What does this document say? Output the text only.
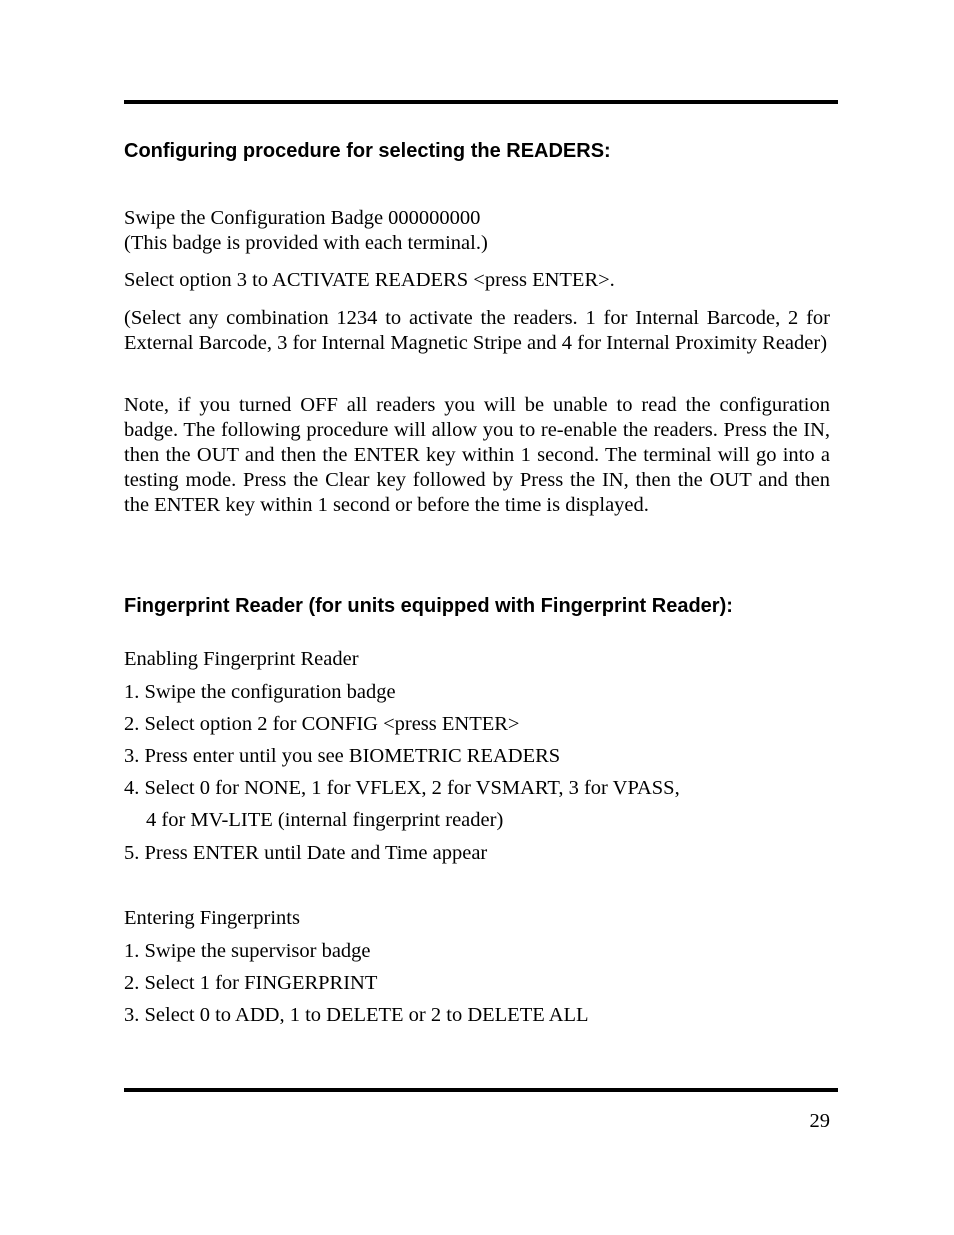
Configuring procedure for selecting the READERS:

Swipe the Configuration Badge 000000000
(This badge is provided with each terminal.)

Select option 3 to ACTIVATE READERS <press ENTER>.

(Select any combination 1234 to activate the readers. 1 for Internal Barcode, 2 for External Barcode, 3 for Internal Magnetic Stripe and 4 for Internal Proximity Reader)

Note, if you turned OFF all readers you will be unable to read the configuration badge. The following procedure will allow you to re-enable the readers. Press the IN, then the OUT and then the ENTER key within 1 second. The terminal will go into a testing mode. Press the Clear key followed by Press the IN, then the OUT and then the ENTER key within 1 second or before the time is displayed.

Fingerprint Reader (for units equipped with Fingerprint Reader):

Enabling Fingerprint Reader

1. Swipe the configuration badge

2. Select option 2 for CONFIG <press ENTER>

3. Press enter until you see BIOMETRIC READERS

4. Select 0 for NONE, 1 for VFLEX, 2 for VSMART, 3 for VPASS,

4 for MV-LITE (internal fingerprint reader)

5. Press ENTER until Date and Time appear

Entering Fingerprints

1. Swipe the supervisor badge

2. Select 1 for FINGERPRINT

3. Select 0 to ADD, 1 to DELETE or 2 to DELETE ALL

29
